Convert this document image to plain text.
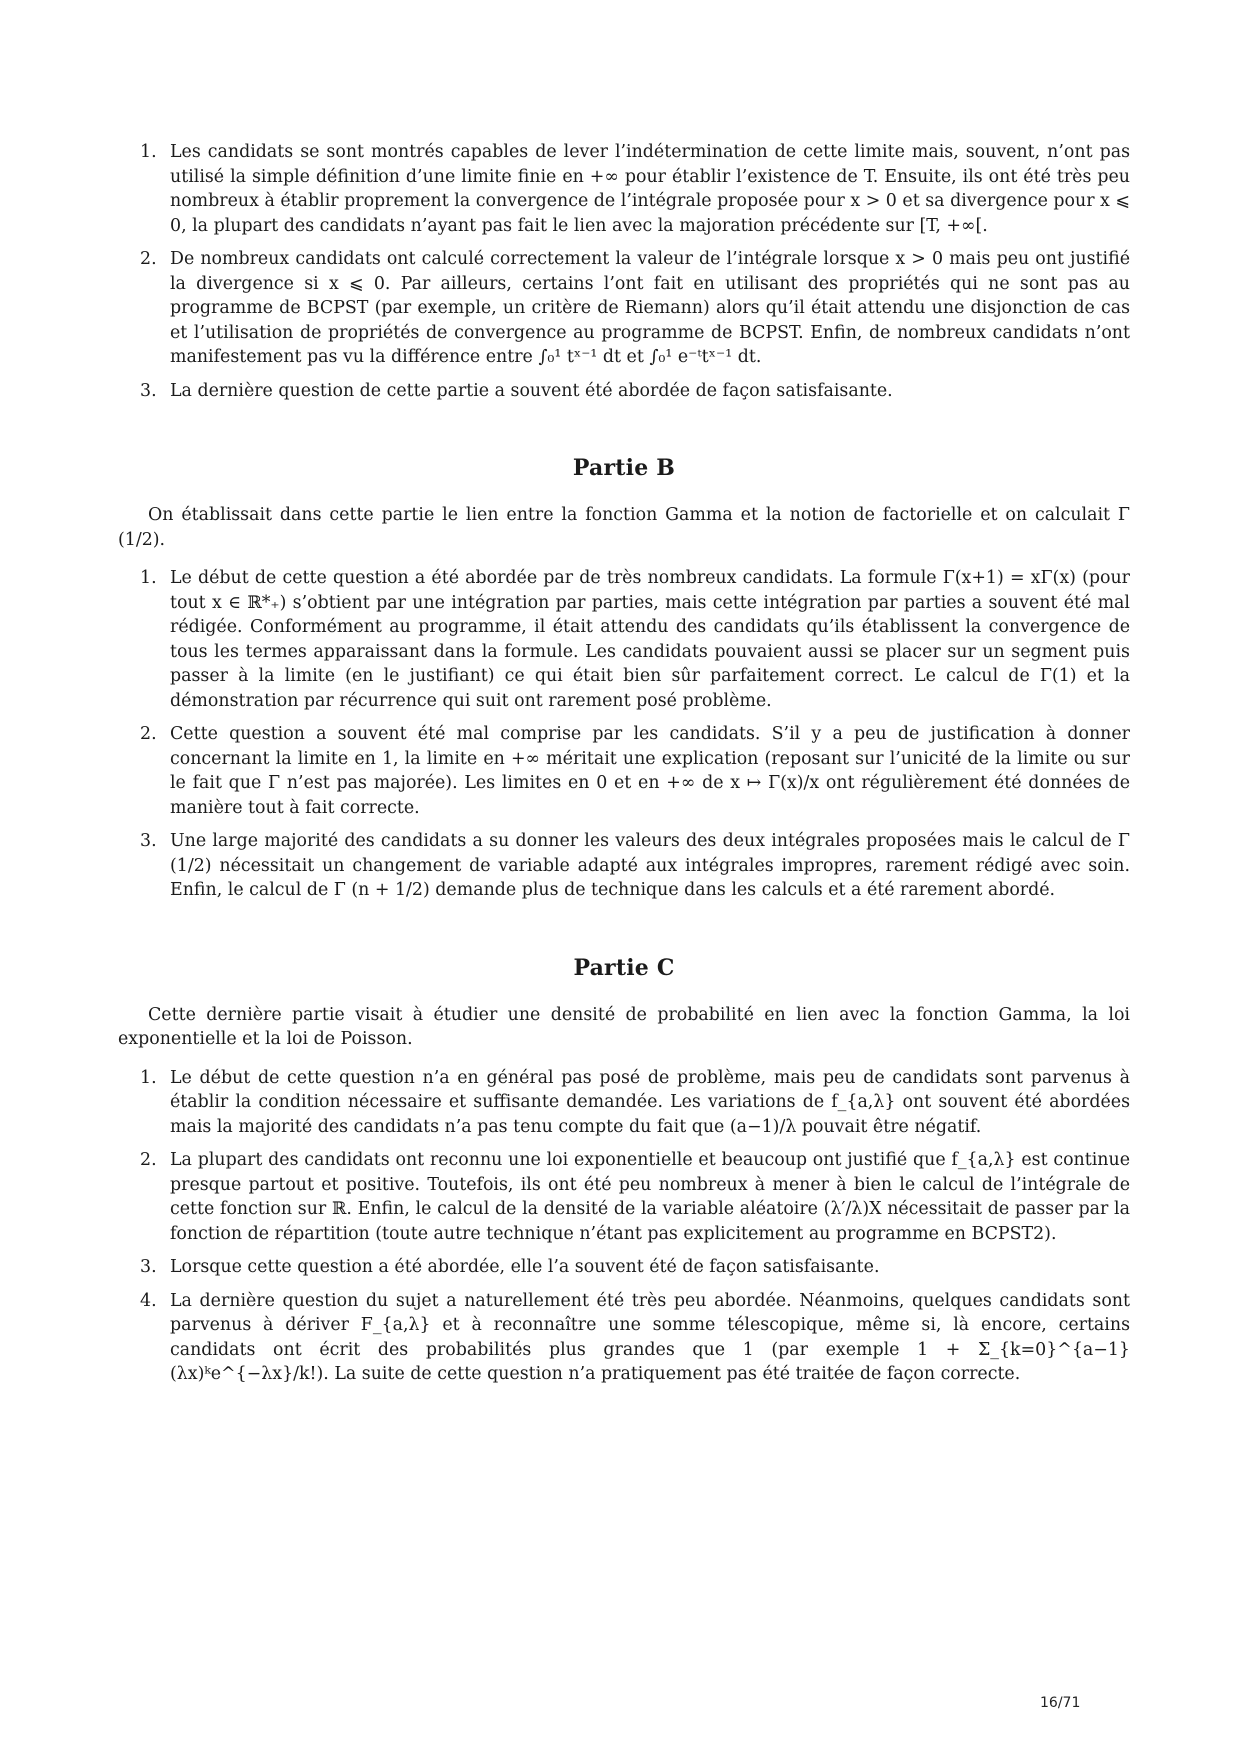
1. Les candidats se sont montrés capables de lever l’indétermination de cette limite mais, souvent, n’ont pas utilisé la simple définition d’une limite finie en +∞ pour établir l’existence de T. Ensuite, ils ont été très peu nombreux à établir proprement la convergence de l’intégrale proposée pour x > 0 et sa divergence pour x ⩽ 0, la plupart des candidats n’ayant pas fait le lien avec la majoration précédente sur [T, +∞[.
2. De nombreux candidats ont calculé correctement la valeur de l’intégrale lorsque x > 0 mais peu ont justifié la divergence si x ⩽ 0. Par ailleurs, certains l’ont fait en utilisant des propriétés qui ne sont pas au programme de BCPST (par exemple, un critère de Riemann) alors qu’il était attendu une disjonction de cas et l’utilisation de propriétés de convergence au programme de BCPST. Enfin, de nombreux candidats n’ont manifestement pas vu la différence entre ∫₀¹ tˣ⁻¹ dt et ∫₀¹ e⁻ᵗtˣ⁻¹ dt.
3. La dernière question de cette partie a souvent été abordée de façon satisfaisante.
Partie B

On établissait dans cette partie le lien entre la fonction Gamma et la notion de factorielle et on calculait Γ (1/2).

1. Le début de cette question a été abordée par de très nombreux candidats. La formule Γ(x+1) = xΓ(x) (pour tout x ∈ ℝ*₊) s’obtient par une intégration par parties, mais cette intégration par parties a souvent été mal rédigée. Conformément au programme, il était attendu des candidats qu’ils établissent la convergence de tous les termes apparaissant dans la formule. Les candidats pouvaient aussi se placer sur un segment puis passer à la limite (en le justifiant) ce qui était bien sûr parfaitement correct. Le calcul de Γ(1) et la démonstration par récurrence qui suit ont rarement posé problème.
2. Cette question a souvent été mal comprise par les candidats. S’il y a peu de justification à donner concernant la limite en 1, la limite en +∞ méritait une explication (reposant sur l’unicité de la limite ou sur le fait que Γ n’est pas majorée). Les limites en 0 et en +∞ de x ↦ Γ(x)/x ont régulièrement été données de manière tout à fait correcte.
3. Une large majorité des candidats a su donner les valeurs des deux intégrales proposées mais le calcul de Γ (1/2) nécessitait un changement de variable adapté aux intégrales impropres, rarement rédigé avec soin. Enfin, le calcul de Γ (n + 1/2) demande plus de technique dans les calculs et a été rarement abordé.
Partie C

Cette dernière partie visait à étudier une densité de probabilité en lien avec la fonction Gamma, la loi exponentielle et la loi de Poisson.

1. Le début de cette question n’a en général pas posé de problème, mais peu de candidats sont parvenus à établir la condition nécessaire et suffisante demandée. Les variations de f_{a,λ} ont souvent été abordées mais la majorité des candidats n’a pas tenu compte du fait que (a−1)/λ pouvait être négatif.
2. La plupart des candidats ont reconnu une loi exponentielle et beaucoup ont justifié que f_{a,λ} est continue presque partout et positive. Toutefois, ils ont été peu nombreux à mener à bien le calcul de l’intégrale de cette fonction sur ℝ. Enfin, le calcul de la densité de la variable aléatoire (λ′/λ)X nécessitait de passer par la fonction de répartition (toute autre technique n’étant pas explicitement au programme en BCPST2).
3. Lorsque cette question a été abordée, elle l’a souvent été de façon satisfaisante.
4. La dernière question du sujet a naturellement été très peu abordée. Néanmoins, quelques candidats sont parvenus à dériver F_{a,λ} et à reconnaître une somme télescopique, même si, là encore, certains candidats ont écrit des probabilités plus grandes que 1 (par exemple 1 + Σ_{k=0}^{a−1} (λx)ᵏe^{−λx}/k!). La suite de cette question n’a pratiquement pas été traitée de façon correcte.
16/71
